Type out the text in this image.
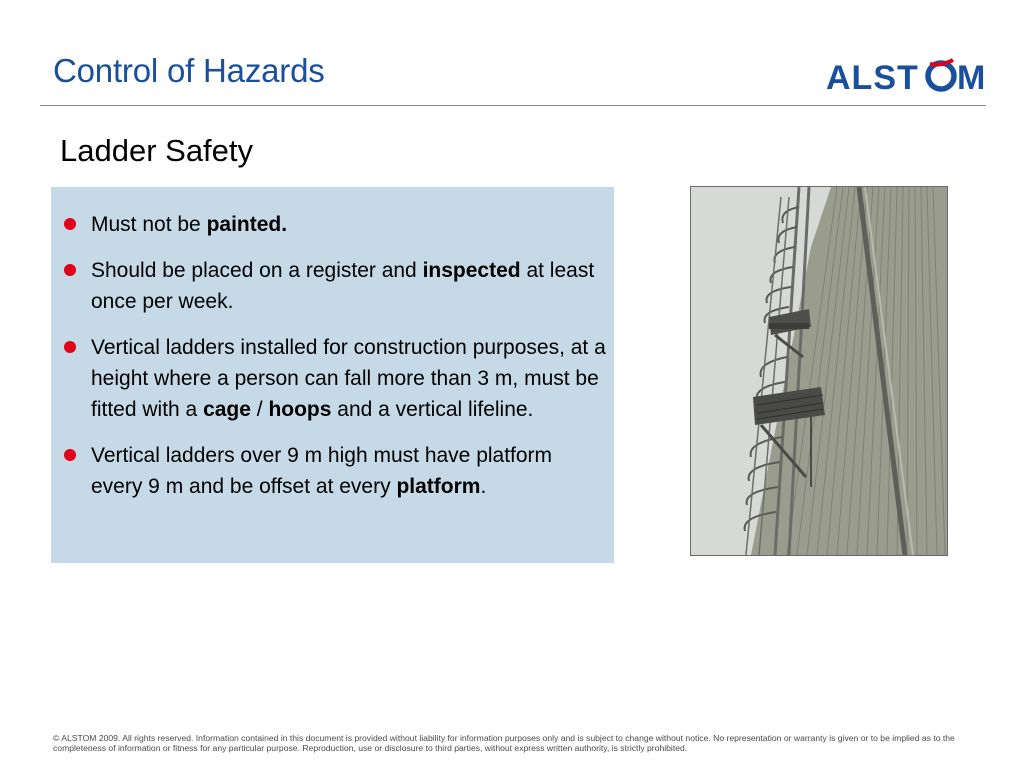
Control of Hazards	ALST M
Ladder Safety
Must not be painted.
Should be placed on a register and inspected at least once per week.
Vertical ladders installed for construction purposes, at a height where a person can fall more than 3 m, must be fitted with a cage / hoops and a vertical lifeline.
Vertical ladders over 9 m high must have platform every 9 m and be offset at every platform.
© ALSTOM 2009. All rights reserved. Information contained in this document is provided without liability for information purposes only and is subject to change without notice. No representation or warranty is given or to be implied as to the completeness of information or fitness for any particular purpose. Reproduction, use or disclosure to third parties, without express written authority, is strictly prohibited.
